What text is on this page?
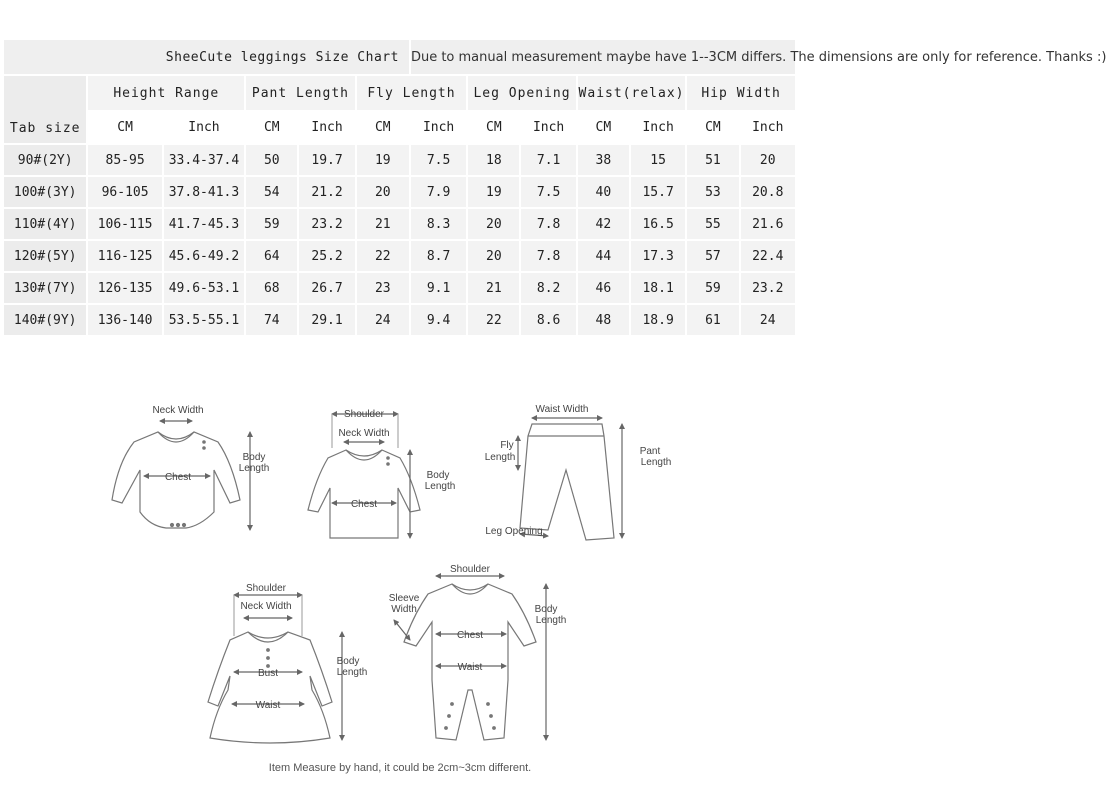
SheeCute leggings Size Chart						Due to manual measurement maybe have 1--3CM differs. The dimensions are only for reference. Thanks :)						
Tab size	Height Range		Pant Length		Fly Length		Leg Opening		Waist(relax)		Hip Width	
	CM	Inch	CM	Inch	CM	Inch	CM	Inch	CM	Inch	CM	Inch
90#(2Y)	85-95	33.4-37.4	50	19.7	19	7.5	18	7.1	38	15	51	20
100#(3Y)	96-105	37.8-41.3	54	21.2	20	7.9	19	7.5	40	15.7	53	20.8
110#(4Y)	106-115	41.7-45.3	59	23.2	21	8.3	20	7.8	42	16.5	55	21.6
120#(5Y)	116-125	45.6-49.2	64	25.2	22	8.7	20	7.8	44	17.3	57	22.4
130#(7Y)	126-135	49.6-53.1	68	26.7	23	9.1	21	8.2	46	18.1	59	23.2
140#(9Y)	136-140	53.5-55.1	74	29.1	24	9.4	22	8.6	48	18.9	61	24
Neck Width
Chest
Body
Length
Shoulder
Neck Width
Chest
Body
Length
Waist Width
Fly
Length
Pant
Length
Leg Opening
Shoulder
Neck Width
Bust
Waist
Body
Length
Shoulder
Sleeve
Width
Chest
Waist
Body
Length
Item Measure by hand, it could be 2cm~3cm different.
